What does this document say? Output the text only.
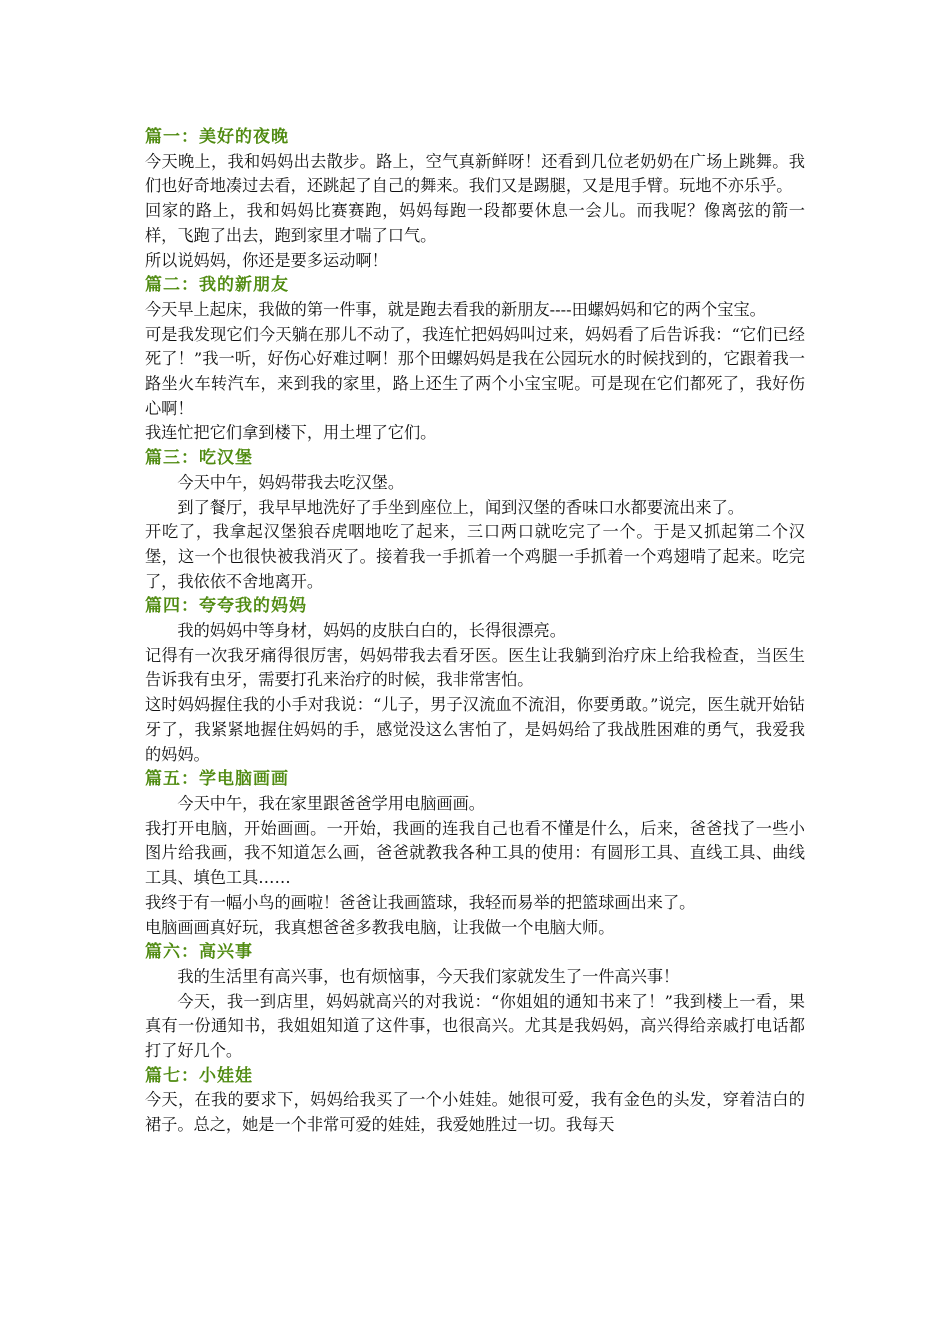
篇一：美好的夜晚
今天晚上，我和妈妈出去散步。路上，空气真新鲜呀！还看到几位老奶奶在广场上跳舞。我们也好奇地凑过去看，还跳起了自己的舞来。我们又是踢腿，又是甩手臂。玩地不亦乐乎。
回家的路上，我和妈妈比赛赛跑，妈妈每跑一段都要休息一会儿。而我呢？像离弦的箭一样，飞跑了出去，跑到家里才喘了口气。
所以说妈妈，你还是要多运动啊！
篇二：我的新朋友
今天早上起床，我做的第一件事，就是跑去看我的新朋友----田螺妈妈和它的两个宝宝。
可是我发现它们今天躺在那儿不动了，我连忙把妈妈叫过来，妈妈看了后告诉我：“它们已经死了！”我一听，好伤心好难过啊！那个田螺妈妈是我在公园玩水的时候找到的，它跟着我一路坐火车转汽车，来到我的家里，路上还生了两个小宝宝呢。可是现在它们都死了，我好伤心啊！
我连忙把它们拿到楼下，用土埋了它们。
篇三：吃汉堡
今天中午，妈妈带我去吃汉堡。
到了餐厅，我早早地洗好了手坐到座位上，闻到汉堡的香味口水都要流出来了。
开吃了，我拿起汉堡狼吞虎咽地吃了起来，三口两口就吃完了一个。于是又抓起第二个汉堡，这一个也很快被我消灭了。接着我一手抓着一个鸡腿一手抓着一个鸡翅啃了起来。吃完了，我依依不舍地离开。
篇四：夸夸我的妈妈
我的妈妈中等身材，妈妈的皮肤白白的，长得很漂亮。
记得有一次我牙痛得很厉害，妈妈带我去看牙医。医生让我躺到治疗床上给我检查，当医生告诉我有虫牙，需要打孔来治疗的时候，我非常害怕。
这时妈妈握住我的小手对我说：“儿子，男子汉流血不流泪，你要勇敢。”说完，医生就开始钻牙了，我紧紧地握住妈妈的手，感觉没这么害怕了，是妈妈给了我战胜困难的勇气，我爱我的妈妈。
篇五：学电脑画画
今天中午，我在家里跟爸爸学用电脑画画。
我打开电脑，开始画画。一开始，我画的连我自己也看不懂是什么，后来，爸爸找了一些小图片给我画，我不知道怎么画，爸爸就教我各种工具的使用：有圆形工具、直线工具、曲线工具、填色工具……
我终于有一幅小鸟的画啦！爸爸让我画篮球，我轻而易举的把篮球画出来了。
电脑画画真好玩，我真想爸爸多教我电脑，让我做一个电脑大师。
篇六：高兴事
我的生活里有高兴事，也有烦恼事，今天我们家就发生了一件高兴事！
今天，我一到店里，妈妈就高兴的对我说：“你姐姐的通知书来了！”我到楼上一看，果真有一份通知书，我姐姐知道了这件事，也很高兴。尤其是我妈妈，高兴得给亲戚打电话都打了好几个。
篇七：小娃娃
今天，在我的要求下，妈妈给我买了一个小娃娃。她很可爱，我有金色的头发，穿着洁白的裙子。总之，她是一个非常可爱的娃娃，我爱她胜过一切。我每天
